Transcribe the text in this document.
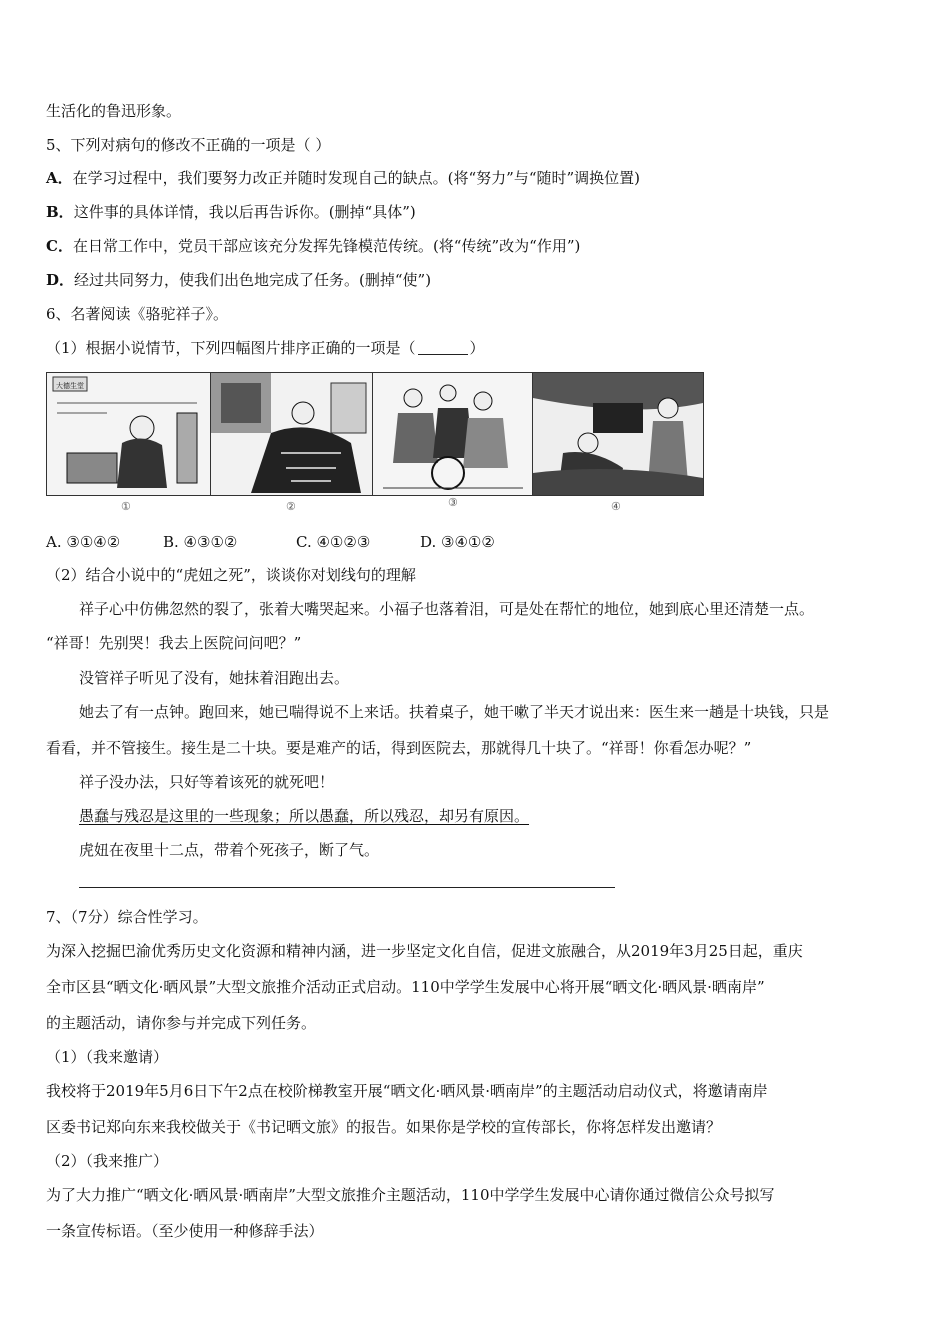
生活化的鲁迅形象。
5、下列对病句的修改不正确的一项是（ ）
A．在学习过程中，我们要努力改正并随时发现自己的缺点。(将“努力”与“随时”调换位置)
B．这件事的具体详情，我以后再告诉你。(删掉“具体”)
C．在日常工作中，党员干部应该充分发挥先锋模范传统。(将“传统”改为“作用”)
D．经过共同努力，使我们出色地完成了任务。(删掉“使”)
6、名著阅读《骆驼祥子》。
（1）根据小说情节，下列四幅图片排序正确的一项是（	）
大德生堂
①	②	③	④
A. ③①④②	B. ④③①②	C. ④①②③	D. ③④①②
（2）结合小说中的“虎妞之死”，谈谈你对划线句的理解
祥子心中仿佛忽然的裂了，张着大嘴哭起来。小福子也落着泪，可是处在帮忙的地位，她到底心里还清楚一点。
“祥哥！先别哭！我去上医院问问吧？”
没管祥子听见了没有，她抹着泪跑出去。
她去了有一点钟。跑回来，她已喘得说不上来话。扶着桌子，她干嗽了半天才说出来：医生来一趟是十块钱，只是
看看，并不管接生。接生是二十块。要是难产的话，得到医院去，那就得几十块了。“祥哥！你看怎办呢？”
祥子没办法，只好等着该死的就死吧！
愚蠢与残忍是这里的一些现象；所以愚蠢，所以残忍，却另有原因。
虎妞在夜里十二点，带着个死孩子，断了气。
7、（7分）综合性学习。
为深入挖掘巴渝优秀历史文化资源和精神内涵，进一步坚定文化自信，促进文旅融合，从2019年3月25日起，重庆
全市区县“晒文化·晒风景”大型文旅推介活动正式启动。110中学学生发展中心将开展“晒文化·晒风景·晒南岸”
的主题活动，请你参与并完成下列任务。
（1）（我来邀请）
我校将于2019年5月6日下午2点在校阶梯教室开展“晒文化·晒风景·晒南岸”的主题活动启动仪式，将邀请南岸
区委书记郑向东来我校做关于《书记晒文旅》的报告。如果你是学校的宣传部长，你将怎样发出邀请？
（2）（我来推广）
为了大力推广“晒文化·晒风景·晒南岸”大型文旅推介主题活动，110中学学生发展中心请你通过微信公众号拟写
一条宣传标语。（至少使用一种修辞手法）
